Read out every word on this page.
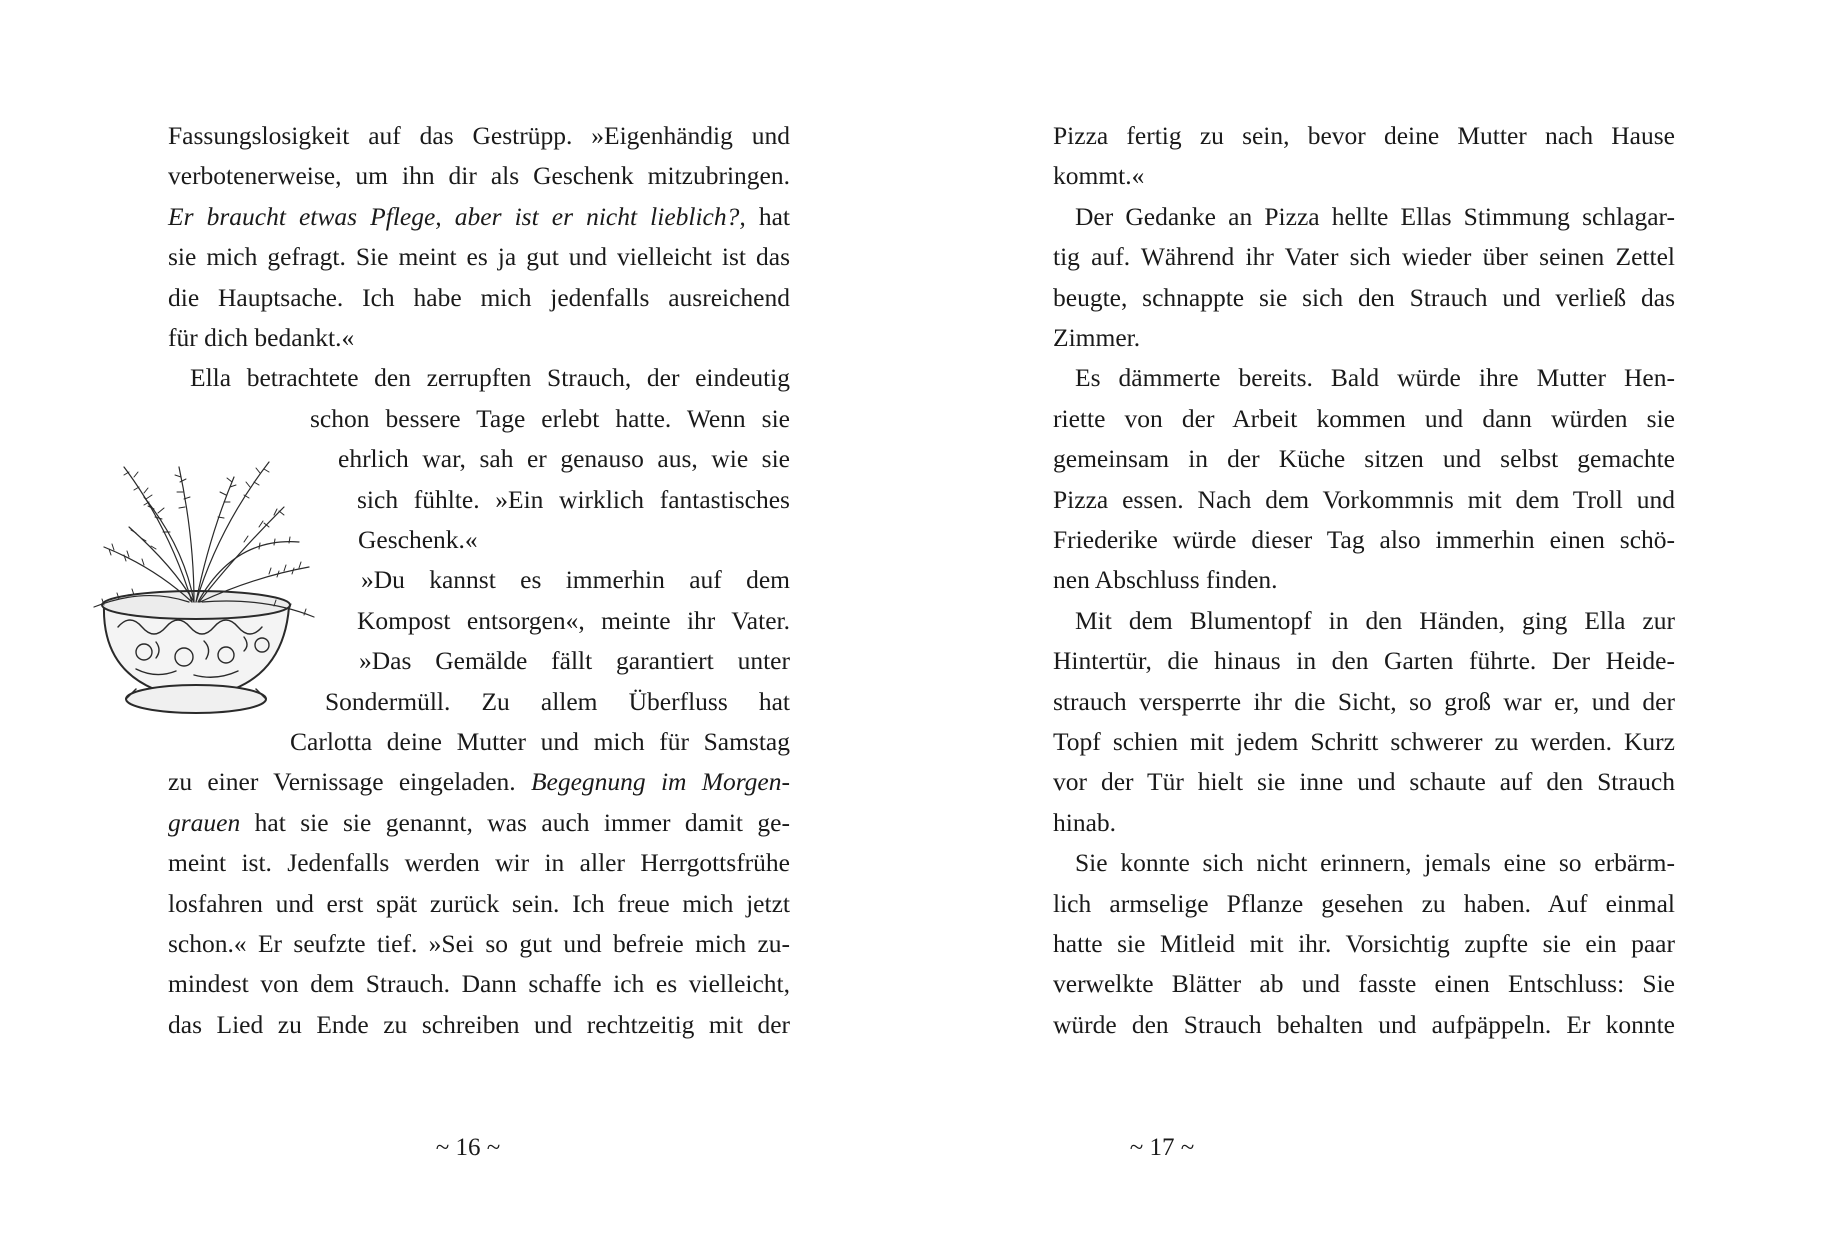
Fassungslosigkeit auf das Gestrüpp. »Eigenhändig und
verbotenerweise, um ihn dir als Geschenk mitzubringen.
Er braucht etwas Pflege, aber ist er nicht lieblich?, hat
sie mich gefragt. Sie meint es ja gut und vielleicht ist das
die Hauptsache. Ich habe mich jedenfalls ausreichend
für dich bedankt.«
Ella betrachtete den zerrupften Strauch, der eindeutig
schon bessere Tage erlebt hatte. Wenn sie
ehrlich war, sah er genauso aus, wie sie
sich fühlte. »Ein wirklich fantastisches
Geschenk.«
»Du kannst es immerhin auf dem
Kompost entsorgen«, meinte ihr Vater.
»Das Gemälde fällt garantiert unter
Sondermüll. Zu allem Überfluss hat
Carlotta deine Mutter und mich für Samstag
zu einer Vernissage eingeladen. Begegnung im Morgen-
grauen hat sie sie genannt, was auch immer damit ge-
meint ist. Jedenfalls werden wir in aller Herrgottsfrühe
losfahren und erst spät zurück sein. Ich freue mich jetzt
schon.« Er seufzte tief. »Sei so gut und befreie mich zu-
mindest von dem Strauch. Dann schaffe ich es vielleicht,
das Lied zu Ende zu schreiben und rechtzeitig mit der
Pizza fertig zu sein, bevor deine Mutter nach Hause
kommt.«
Der Gedanke an Pizza hellte Ellas Stimmung schlagar-
tig auf. Während ihr Vater sich wieder über seinen Zettel
beugte, schnappte sie sich den Strauch und verließ das
Zimmer.
Es dämmerte bereits. Bald würde ihre Mutter Hen-
riette von der Arbeit kommen und dann würden sie
gemeinsam in der Küche sitzen und selbst gemachte
Pizza essen. Nach dem Vorkommnis mit dem Troll und
Friederike würde dieser Tag also immerhin einen schö-
nen Abschluss finden.
Mit dem Blumentopf in den Händen, ging Ella zur
Hintertür, die hinaus in den Garten führte. Der Heide-
strauch versperrte ihr die Sicht, so groß war er, und der
Topf schien mit jedem Schritt schwerer zu werden. Kurz
vor der Tür hielt sie inne und schaute auf den Strauch
hinab.
Sie konnte sich nicht erinnern, jemals eine so erbärm-
lich armselige Pflanze gesehen zu haben. Auf einmal
hatte sie Mitleid mit ihr. Vorsichtig zupfte sie ein paar
verwelkte Blätter ab und fasste einen Entschluss: Sie
würde den Strauch behalten und aufpäppeln. Er konnte
~ 16 ~	~ 17 ~
